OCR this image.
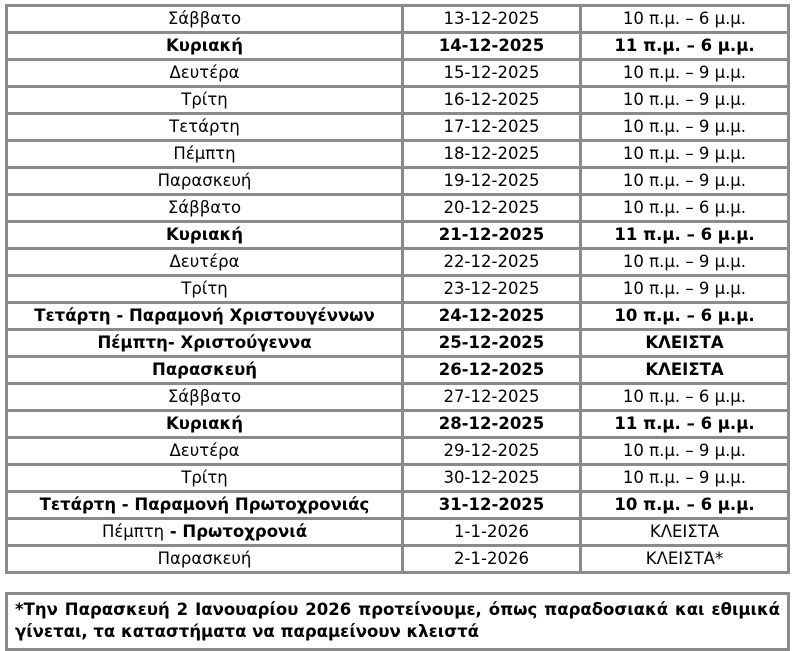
Σάββατο	13-12-2025	10 π.μ. – 6 μ.μ.
Κυριακή	14-12-2025	11 π.μ. – 6 μ.μ.
Δευτέρα	15-12-2025	10 π.μ. – 9 μ.μ.
Τρίτη	16-12-2025	10 π.μ. – 9 μ.μ.
Τετάρτη	17-12-2025	10 π.μ. – 9 μ.μ.
Πέμπτη	18-12-2025	10 π.μ. – 9 μ.μ.
Παρασκευή	19-12-2025	10 π.μ. – 9 μ.μ.
Σάββατο	20-12-2025	10 π.μ. – 6 μ.μ.
Κυριακή	21-12-2025	11 π.μ. – 6 μ.μ.
Δευτέρα	22-12-2025	10 π.μ. – 9 μ.μ.
Τρίτη	23-12-2025	10 π.μ. – 9 μ.μ.
Τετάρτη - Παραμονή Χριστουγέννων	24-12-2025	10 π.μ. – 6 μ.μ.
Πέμπτη- Χριστούγεννα	25-12-2025	ΚΛΕΙΣΤΑ
Παρασκευή	26-12-2025	ΚΛΕΙΣΤΑ
Σάββατο	27-12-2025	10 π.μ. – 6 μ.μ.
Κυριακή	28-12-2025	11 π.μ. – 6 μ.μ.
Δευτέρα	29-12-2025	10 π.μ. – 9 μ.μ.
Τρίτη	30-12-2025	10 π.μ. – 9 μ.μ.
Τετάρτη - Παραμονή Πρωτοχρονιάς	31-12-2025	10 π.μ. – 6 μ.μ.
Πέμπτη - Πρωτοχρονιά	1-1-2026	ΚΛΕΙΣΤΑ
Παρασκευή	2-1-2026	ΚΛΕΙΣΤΑ*

*Την Παρασκευή 2 Ιανουαρίου 2026 προτείνουμε, όπως παραδοσιακά και εθιμικά γίνεται, τα καταστήματα να παραμείνουν κλειστά
